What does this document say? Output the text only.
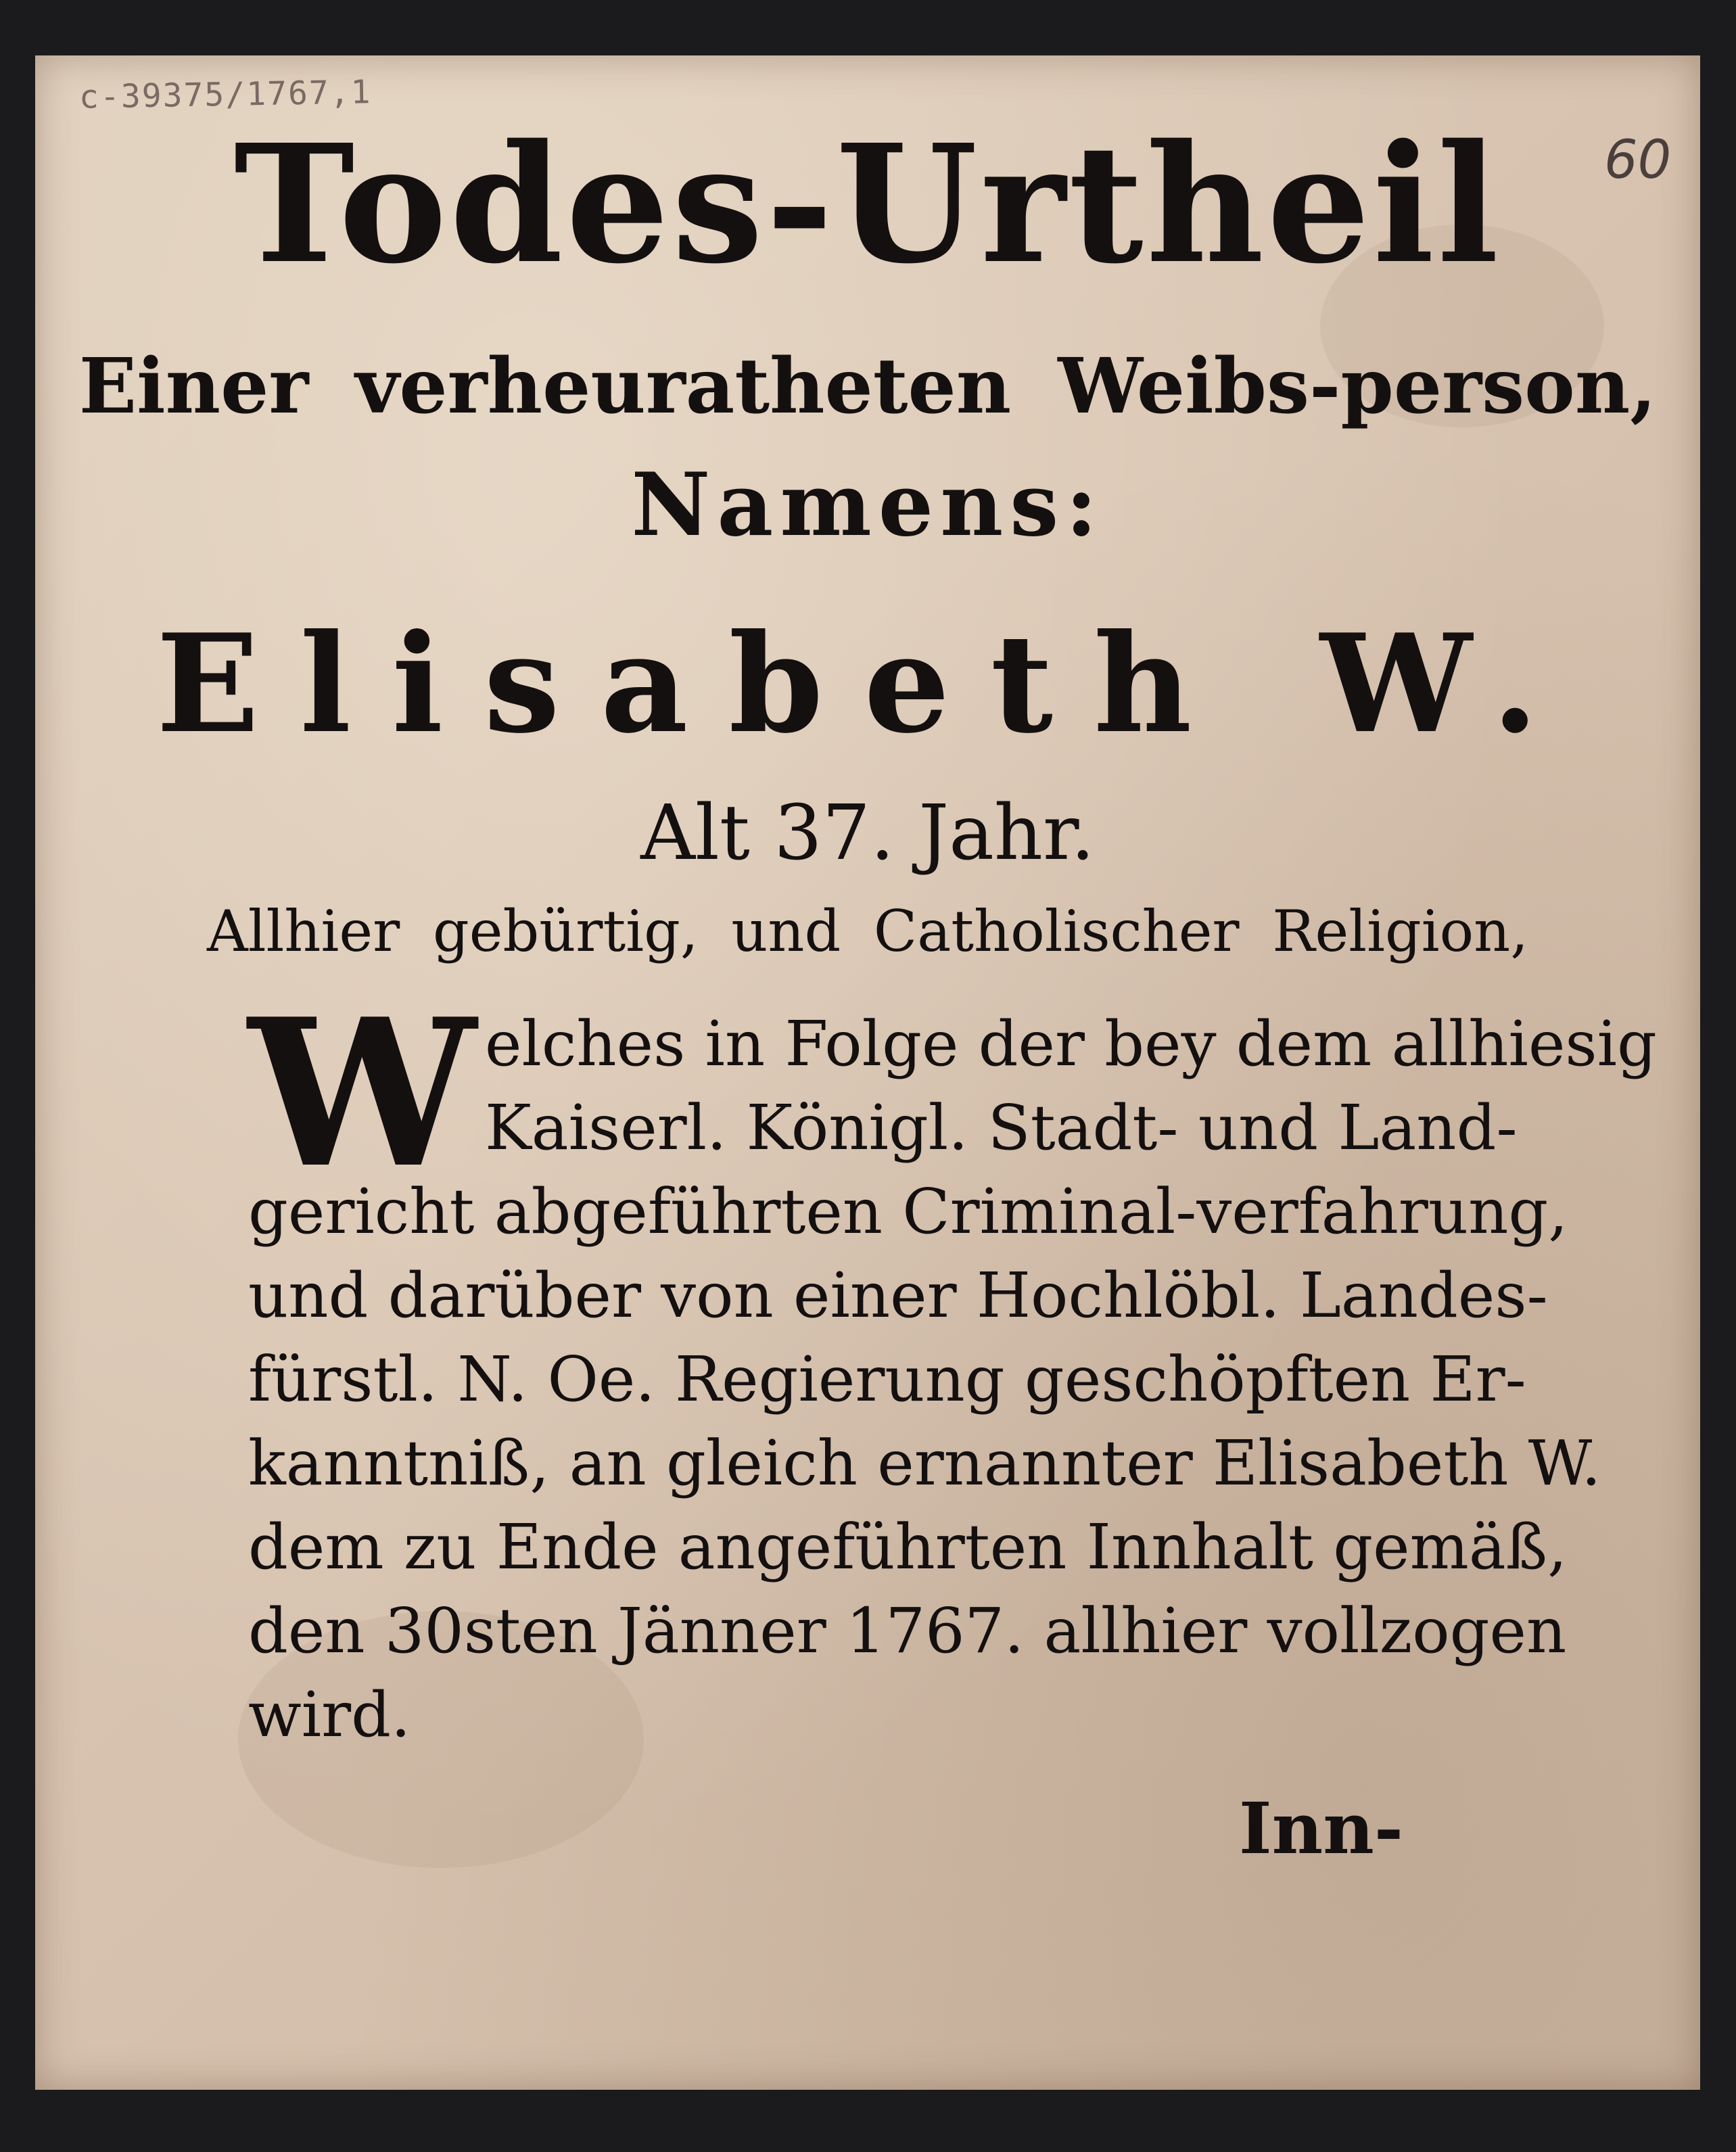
c-39375/1767,1
60
Todes-Urtheil
Einer verheuratheten Weibs-person,
Namens:
Elisabeth W.
Alt 37. Jahr.
Allhier gebürtig, und Catholischer Religion,
W elches in Folge der bey dem allhiesig
Kaiserl. Königl. Stadt- und Land-
gericht abgeführten Criminal-verfahrung,
und darüber von einer Hochlöbl. Landes-
fürstl. N. Oe. Regierung geschöpften Er-
kanntniß, an gleich ernannter Elisabeth W.
dem zu Ende angeführten Innhalt gemäß,
den 30sten Jänner 1767. allhier vollzogen
wird.
Inn-
